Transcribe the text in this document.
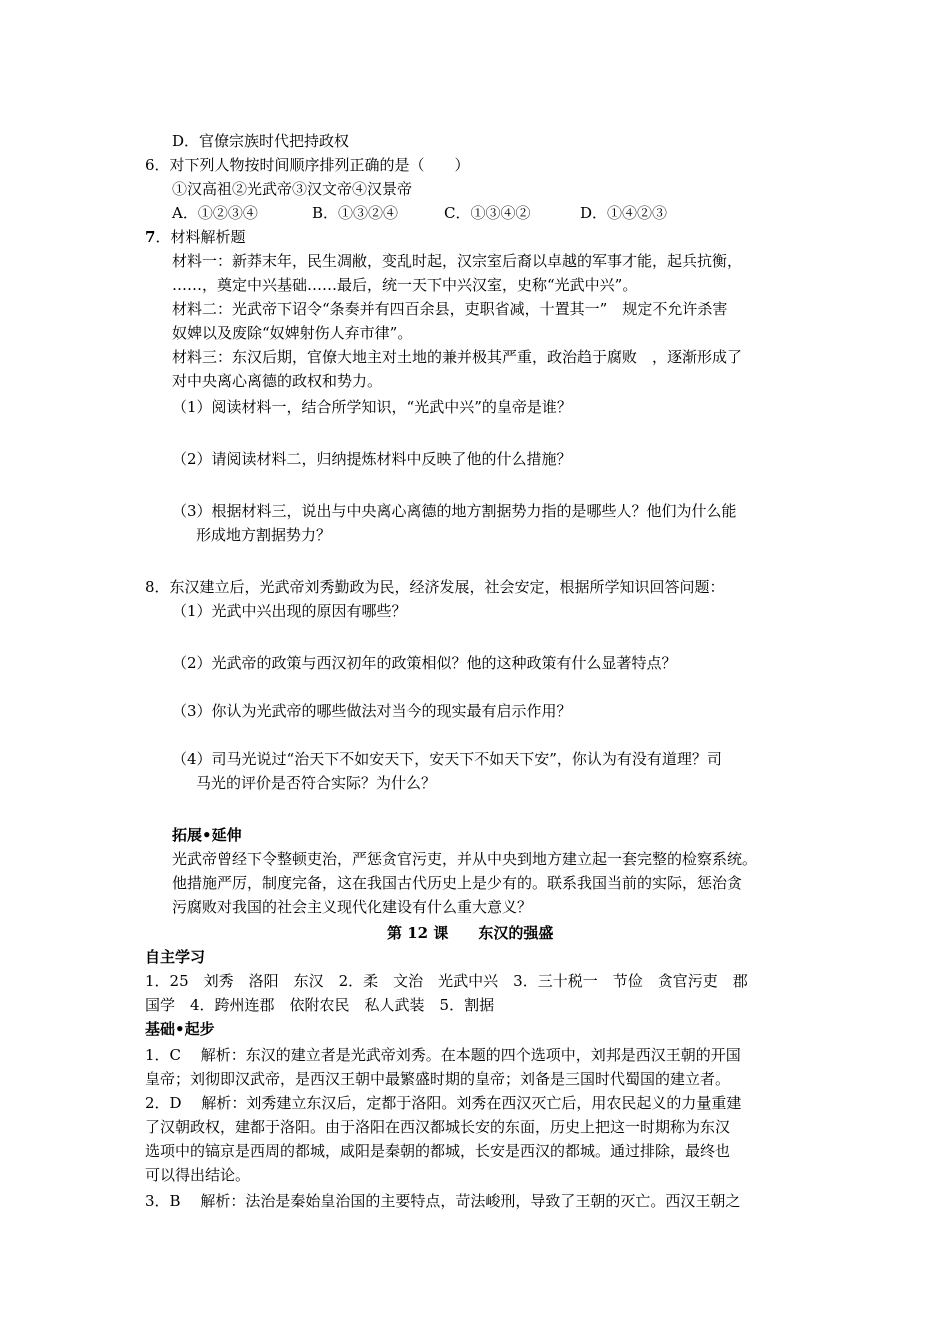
D．官僚宗族时代把持政权
6．对下列人物按时间顺序排列正确的是（　　）
①汉高祖②光武帝③汉文帝④汉景帝
A．①②③④	B．①③②④	C．①③④②	D．①④②③
7．材料解析题
材料一：新莽末年，民生凋敝，变乱时起，汉宗室后裔以卓越的军事才能，起兵抗衡，
……，奠定中兴基础……最后，统一天下中兴汉室，史称“光武中兴”。
材料二：光武帝下诏令“条奏并有四百余县，吏职省减，十置其一”　规定不允许杀害
奴婢以及废除“奴婢射伤人弃市律”。
材料三：东汉后期，官僚大地主对土地的兼并极其严重，政治趋于腐败　，逐渐形成了
对中央离心离德的政权和势力。
（1）阅读材料一，结合所学知识，“光武中兴”的皇帝是谁？
（2）请阅读材料二，归纳提炼材料中反映了他的什么措施？
（3）根据材料三，说出与中央离心离德的地方割据势力指的是哪些人？他们为什么能
形成地方割据势力？
8．东汉建立后，光武帝刘秀勤政为民，经济发展，社会安定，根据所学知识回答问题：
（1）光武中兴出现的原因有哪些？
（2）光武帝的政策与西汉初年的政策相似？他的这种政策有什么显著特点？
（3）你认为光武帝的哪些做法对当今的现实最有启示作用？
（4）司马光说过“治天下不如安天下，安天下不如天下安”，你认为有没有道理？司
马光的评价是否符合实际？为什么？
拓展•延伸
光武帝曾经下令整顿吏治，严惩贪官污吏，并从中央到地方建立起一套完整的检察系统。
他措施严厉，制度完备，这在我国古代历史上是少有的。联系我国当前的实际，惩治贪
污腐败对我国的社会主义现代化建设有什么重大意义？
第 12 课　　东汉的强盛
自主学习
1．25　刘秀　洛阳　东汉　2．柔　文治　光武中兴　3．三十税一　节俭　贪官污吏　郡
国学　4．跨州连郡　依附农民　私人武装　5．割据
基础•起步
1．C　 解析：东汉的建立者是光武帝刘秀。在本题的四个选项中，刘邦是西汉王朝的开国
皇帝；刘彻即汉武帝，是西汉王朝中最繁盛时期的皇帝；刘备是三国时代蜀国的建立者。
2．D　 解析：刘秀建立东汉后，定都于洛阳。刘秀在西汉灭亡后，用农民起义的力量重建
了汉朝政权，建都于洛阳。由于洛阳在西汉都城长安的东面，历史上把这一时期称为东汉
选项中的镐京是西周的都城，咸阳是秦朝的都城，长安是西汉的都城。通过排除，最终也
可以得出结论。
3．B　 解析：法治是秦始皇治国的主要特点，苛法峻刑，导致了王朝的灭亡。西汉王朝之
